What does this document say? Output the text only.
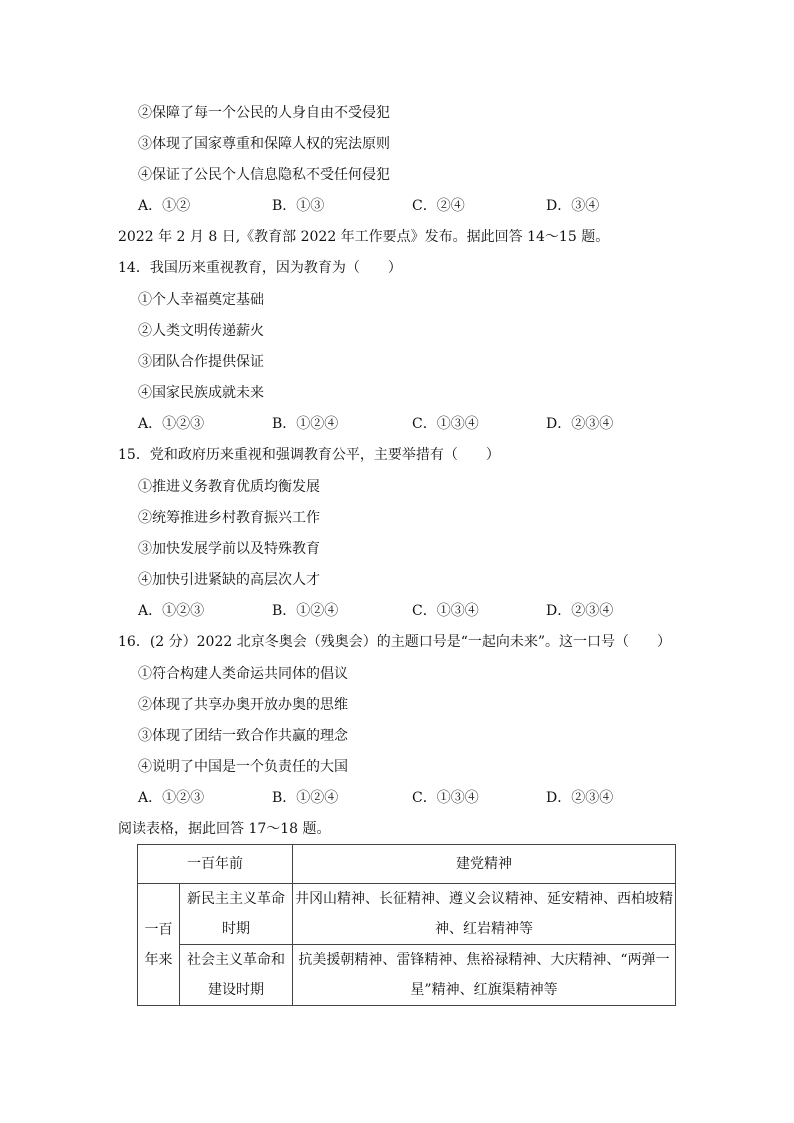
②保障了每一个公民的人身自由不受侵犯
③体现了国家尊重和保障人权的宪法原则
④保证了公民个人信息隐私不受任何侵犯
A．①②	B．①③	C．②④	D．③④
2022 年 2 月 8 日,《教育部 2022 年工作要点》发布。据此回答 14～15 题。
14．我国历来重视教育，因为教育为（　　）
①个人幸福奠定基础
②人类文明传递薪火
③团队合作提供保证
④国家民族成就未来
A．①②③	B．①②④	C．①③④	D．②③④
15．党和政府历来重视和强调教育公平，主要举措有（　　）
①推进义务教育优质均衡发展
②统筹推进乡村教育振兴工作
③加快发展学前以及特殊教育
④加快引进紧缺的高层次人才
A．①②③	B．①②④	C．①③④	D．②③④
16．(2 分）2022 北京冬奥会（残奥会）的主题口号是“一起向未来”。这一口号（　　）
①符合构建人类命运共同体的倡议
②体现了共享办奥开放办奥的思维
③体现了团结一致合作共赢的理念
④说明了中国是一个负责任的大国
A．①②③	B．①②④	C．①③④	D．②③④
阅读表格，据此回答 17～18 题。
一百年前		建党精神
一百年来	新民主主义革命时期	井冈山精神、长征精神、遵义会议精神、延安精神、西柏坡精神、红岩精神等
	社会主义革命和建设时期	抗美援朝精神、雷锋精神、焦裕禄精神、大庆精神、“两弹一星”精神、红旗渠精神等
